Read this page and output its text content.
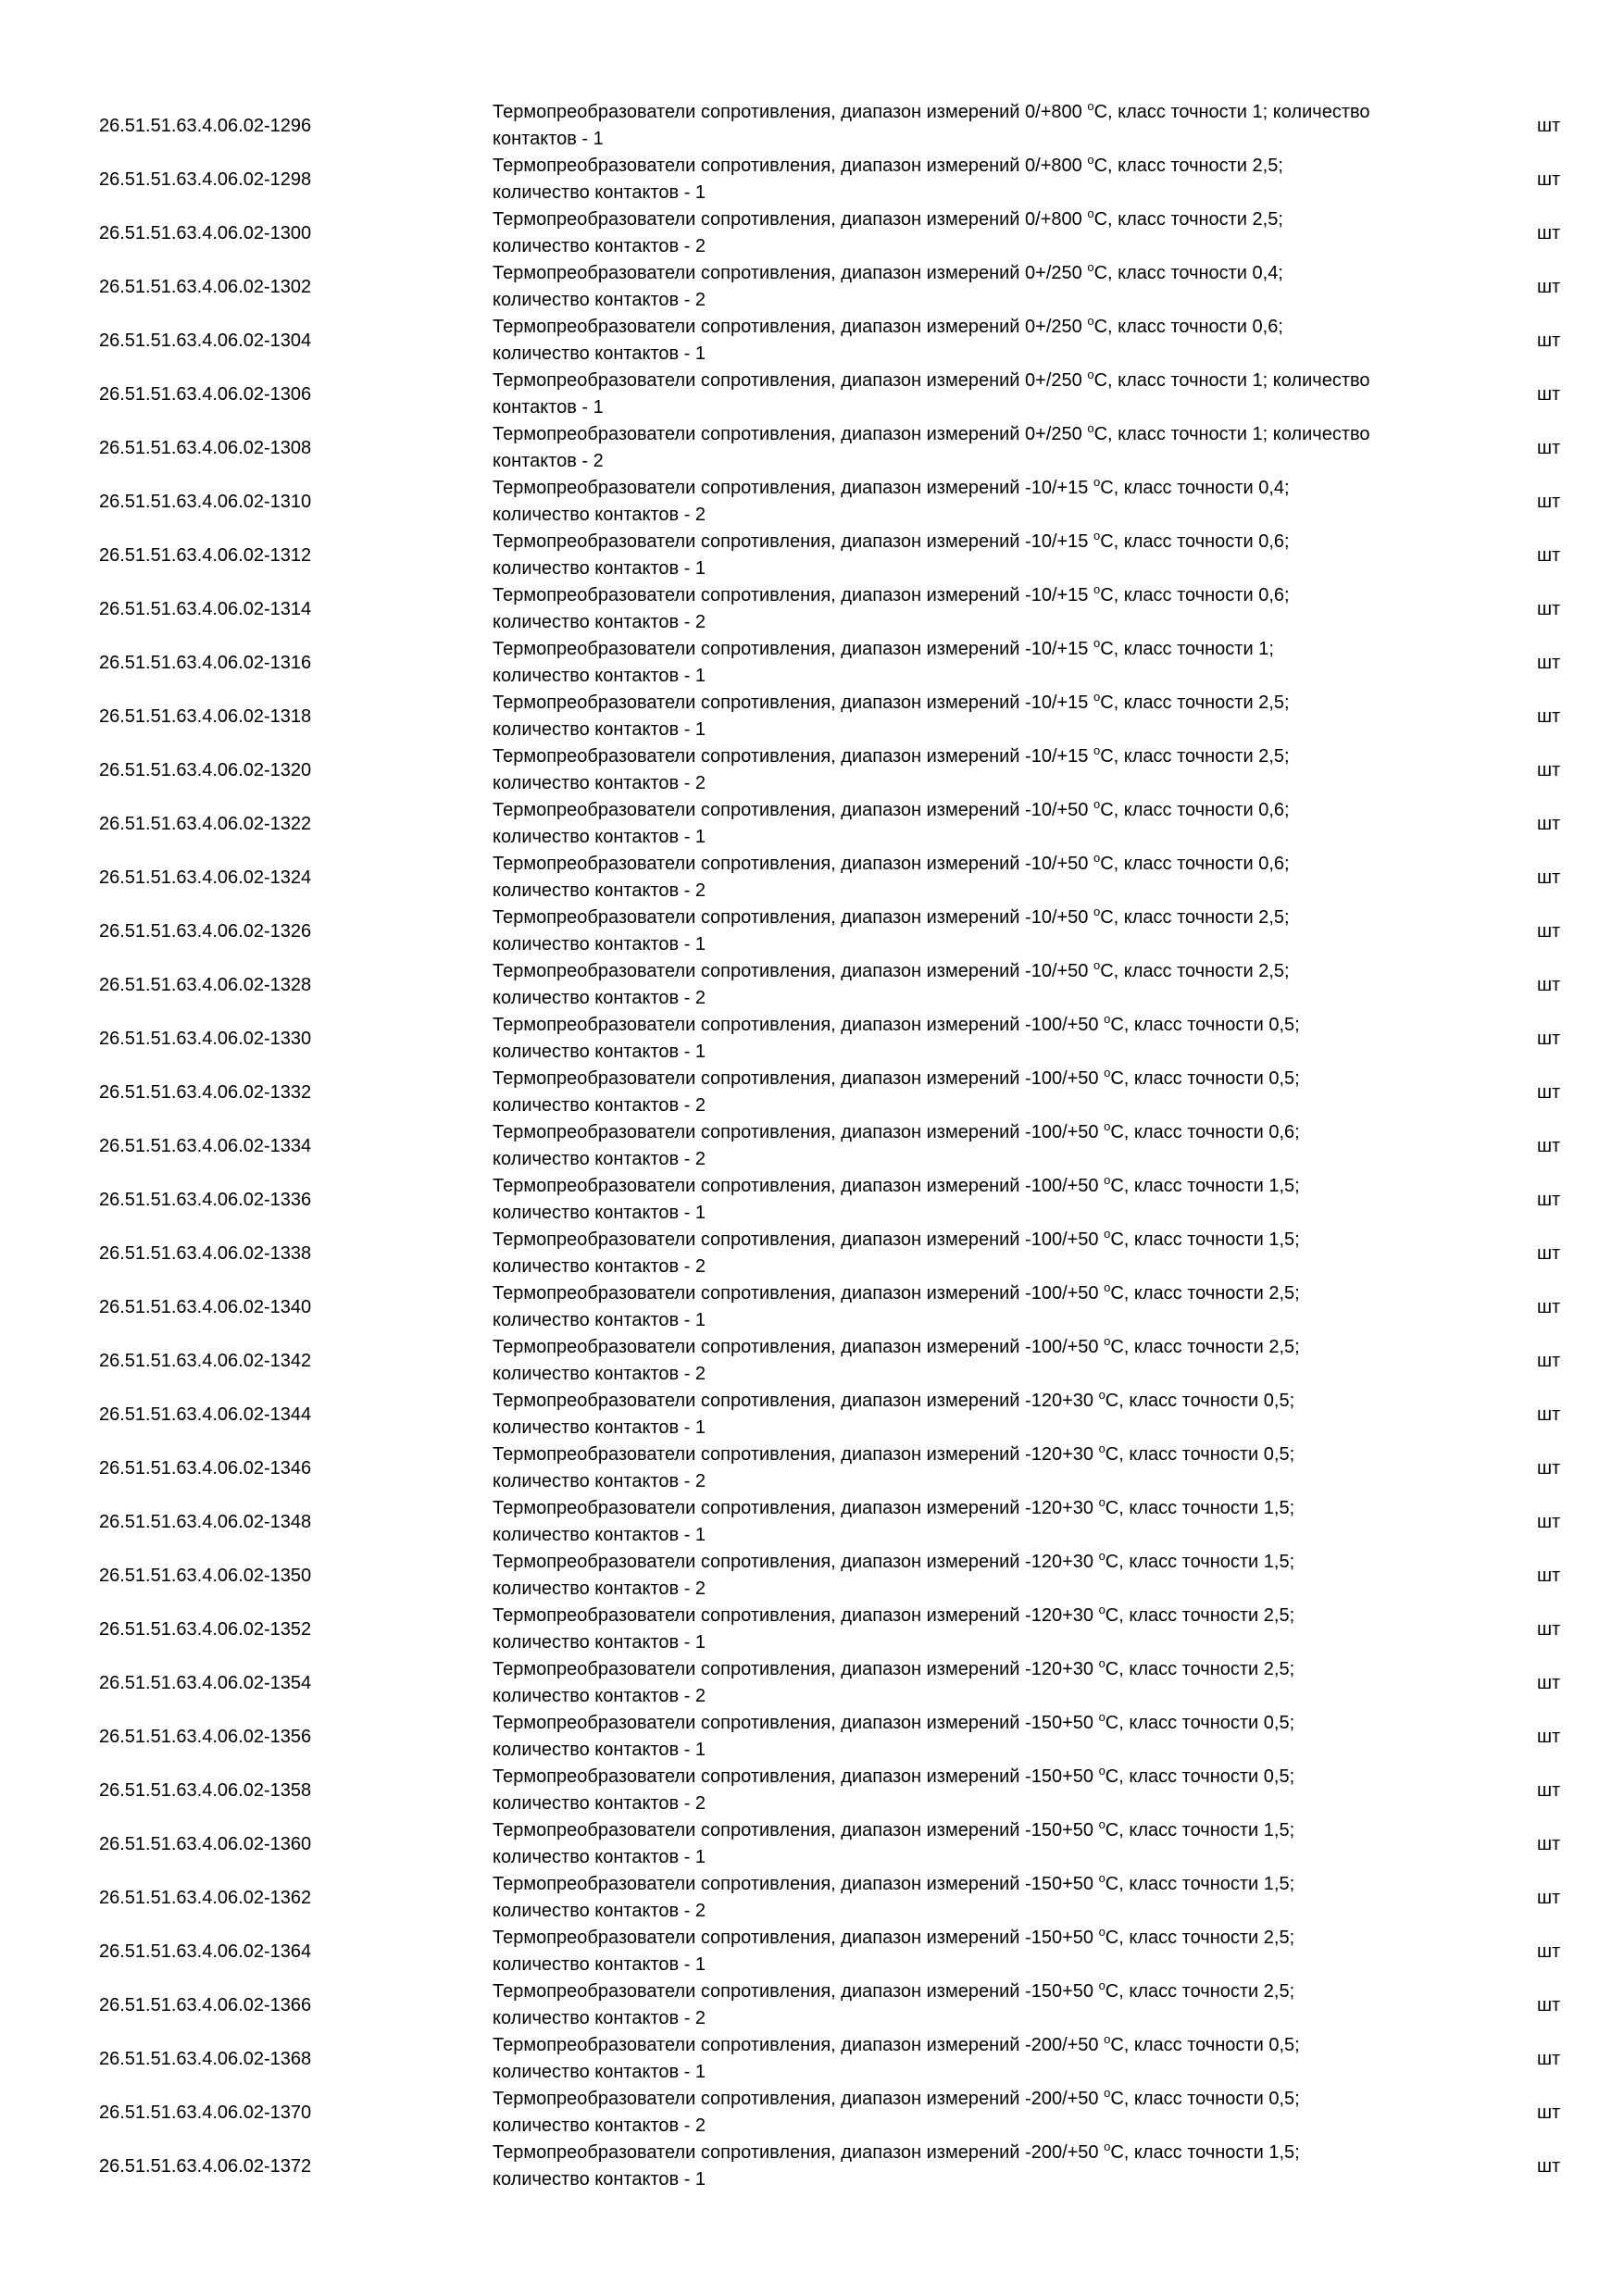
26.51.51.63.4.06.02-1296
Термопреобразователи сопротивления, диапазон измерений 0/+800 $^о$С, класс точности 1; количество
контактов - 1
шт
26.51.51.63.4.06.02-1298
Термопреобразователи сопротивления, диапазон измерений 0/+800 $^о$С, класс точности 2,5;
количество контактов - 1
шт
26.51.51.63.4.06.02-1300
Термопреобразователи сопротивления, диапазон измерений 0/+800 $^о$С, класс точности 2,5;
количество контактов - 2
шт
26.51.51.63.4.06.02-1302
Термопреобразователи сопротивления, диапазон измерений 0+/250 $^о$С, класс точности 0,4;
количество контактов - 2
шт
26.51.51.63.4.06.02-1304
Термопреобразователи сопротивления, диапазон измерений 0+/250 $^о$С, класс точности 0,6;
количество контактов - 1
шт
26.51.51.63.4.06.02-1306
Термопреобразователи сопротивления, диапазон измерений 0+/250 $^о$С, класс точности 1; количество
контактов - 1
шт
26.51.51.63.4.06.02-1308
Термопреобразователи сопротивления, диапазон измерений 0+/250 $^о$С, класс точности 1; количество
контактов - 2
шт
26.51.51.63.4.06.02-1310
Термопреобразователи сопротивления, диапазон измерений -10/+15 $^о$С, класс точности 0,4;
количество контактов - 2
шт
26.51.51.63.4.06.02-1312
Термопреобразователи сопротивления, диапазон измерений -10/+15 $^о$С, класс точности 0,6;
количество контактов - 1
шт
26.51.51.63.4.06.02-1314
Термопреобразователи сопротивления, диапазон измерений -10/+15 $^о$С, класс точности 0,6;
количество контактов - 2
шт
26.51.51.63.4.06.02-1316
Термопреобразователи сопротивления, диапазон измерений -10/+15 $^о$С, класс точности 1;
количество контактов - 1
шт
26.51.51.63.4.06.02-1318
Термопреобразователи сопротивления, диапазон измерений -10/+15 $^о$С, класс точности 2,5;
количество контактов - 1
шт
26.51.51.63.4.06.02-1320
Термопреобразователи сопротивления, диапазон измерений -10/+15 $^о$С, класс точности 2,5;
количество контактов - 2
шт
26.51.51.63.4.06.02-1322
Термопреобразователи сопротивления, диапазон измерений -10/+50 $^о$С, класс точности 0,6;
количество контактов - 1
шт
26.51.51.63.4.06.02-1324
Термопреобразователи сопротивления, диапазон измерений -10/+50 $^о$С, класс точности 0,6;
количество контактов - 2
шт
26.51.51.63.4.06.02-1326
Термопреобразователи сопротивления, диапазон измерений -10/+50 $^о$С, класс точности 2,5;
количество контактов - 1
шт
26.51.51.63.4.06.02-1328
Термопреобразователи сопротивления, диапазон измерений -10/+50 $^о$С, класс точности 2,5;
количество контактов - 2
шт
26.51.51.63.4.06.02-1330
Термопреобразователи сопротивления, диапазон измерений -100/+50 $^о$С, класс точности 0,5;
количество контактов - 1
шт
26.51.51.63.4.06.02-1332
Термопреобразователи сопротивления, диапазон измерений -100/+50 $^о$С, класс точности 0,5;
количество контактов - 2
шт
26.51.51.63.4.06.02-1334
Термопреобразователи сопротивления, диапазон измерений -100/+50 $^о$С, класс точности 0,6;
количество контактов - 2
шт
26.51.51.63.4.06.02-1336
Термопреобразователи сопротивления, диапазон измерений -100/+50 $^о$С, класс точности 1,5;
количество контактов - 1
шт
26.51.51.63.4.06.02-1338
Термопреобразователи сопротивления, диапазон измерений -100/+50 $^о$С, класс точности 1,5;
количество контактов - 2
шт
26.51.51.63.4.06.02-1340
Термопреобразователи сопротивления, диапазон измерений -100/+50 $^о$С, класс точности 2,5;
количество контактов - 1
шт
26.51.51.63.4.06.02-1342
Термопреобразователи сопротивления, диапазон измерений -100/+50 $^о$С, класс точности 2,5;
количество контактов - 2
шт
26.51.51.63.4.06.02-1344
Термопреобразователи сопротивления, диапазон измерений -120+30 $^о$С, класс точности 0,5;
количество контактов - 1
шт
26.51.51.63.4.06.02-1346
Термопреобразователи сопротивления, диапазон измерений -120+30 $^о$С, класс точности 0,5;
количество контактов - 2
шт
26.51.51.63.4.06.02-1348
Термопреобразователи сопротивления, диапазон измерений -120+30 $^о$С, класс точности 1,5;
количество контактов - 1
шт
26.51.51.63.4.06.02-1350
Термопреобразователи сопротивления, диапазон измерений -120+30 $^о$С, класс точности 1,5;
количество контактов - 2
шт
26.51.51.63.4.06.02-1352
Термопреобразователи сопротивления, диапазон измерений -120+30 $^о$С, класс точности 2,5;
количество контактов - 1
шт
26.51.51.63.4.06.02-1354
Термопреобразователи сопротивления, диапазон измерений -120+30 $^о$С, класс точности 2,5;
количество контактов - 2
шт
26.51.51.63.4.06.02-1356
Термопреобразователи сопротивления, диапазон измерений -150+50 $^о$С, класс точности 0,5;
количество контактов - 1
шт
26.51.51.63.4.06.02-1358
Термопреобразователи сопротивления, диапазон измерений -150+50 $^о$С, класс точности 0,5;
количество контактов - 2
шт
26.51.51.63.4.06.02-1360
Термопреобразователи сопротивления, диапазон измерений -150+50 $^о$С, класс точности 1,5;
количество контактов - 1
шт
26.51.51.63.4.06.02-1362
Термопреобразователи сопротивления, диапазон измерений -150+50 $^о$С, класс точности 1,5;
количество контактов - 2
шт
26.51.51.63.4.06.02-1364
Термопреобразователи сопротивления, диапазон измерений -150+50 $^о$С, класс точности 2,5;
количество контактов - 1
шт
26.51.51.63.4.06.02-1366
Термопреобразователи сопротивления, диапазон измерений -150+50 $^о$С, класс точности 2,5;
количество контактов - 2
шт
26.51.51.63.4.06.02-1368
Термопреобразователи сопротивления, диапазон измерений -200/+50 $^о$С, класс точности 0,5;
количество контактов - 1
шт
26.51.51.63.4.06.02-1370
Термопреобразователи сопротивления, диапазон измерений -200/+50 $^о$С, класс точности 0,5;
количество контактов - 2
шт
26.51.51.63.4.06.02-1372
Термопреобразователи сопротивления, диапазон измерений -200/+50 $^о$С, класс точности 1,5;
количество контактов - 1
шт
